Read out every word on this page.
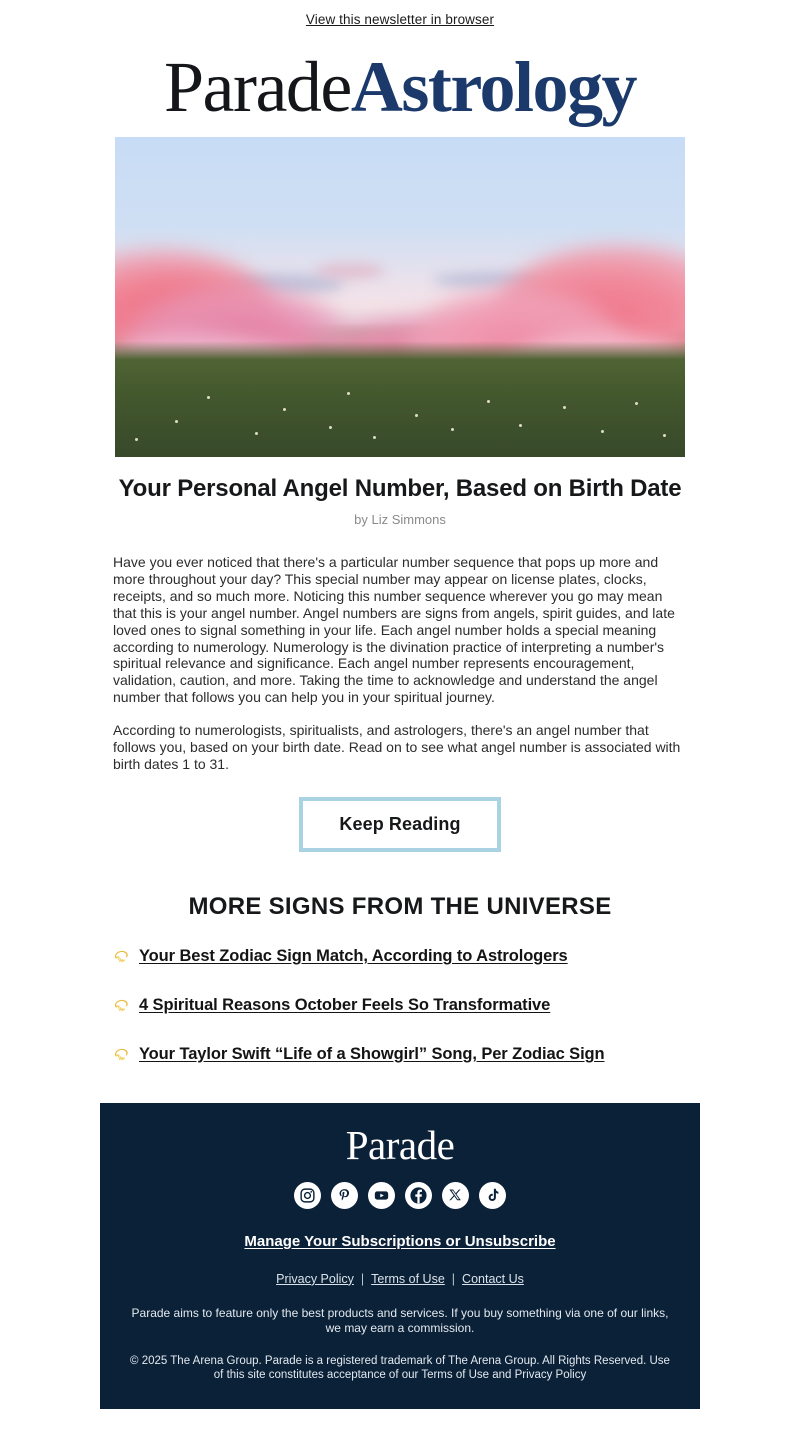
View this newsletter in browser
ParadeAstrology
Your Personal Angel Number, Based on Birth Date
by Liz Simmons

Have you ever noticed that there's a particular number sequence that pops up more and more throughout your day? This special number may appear on license plates, clocks, receipts, and so much more. Noticing this number sequence wherever you go may mean that this is your angel number. Angel numbers are signs from angels, spirit guides, and late loved ones to signal something in your life. Each angel number holds a special meaning according to numerology. Numerology is the divination practice of interpreting a number's spiritual relevance and significance. Each angel number represents encouragement, validation, caution, and more. Taking the time to acknowledge and understand the angel number that follows you can help you in your spiritual journey.

According to numerologists, spiritualists, and astrologers, there's an angel number that follows you, based on your birth date. Read on to see what angel number is associated with birth dates 1 to 31.

Keep Reading
MORE SIGNS FROM THE UNIVERSE
Your Best Zodiac Sign Match, According to Astrologers
4 Spiritual Reasons October Feels So Transformative
Your Taylor Swift “Life of a Showgirl” Song, Per Zodiac Sign
Parade
Manage Your Subscriptions or Unsubscribe
Privacy Policy | Terms of Use | Contact Us

Parade aims to feature only the best products and services. If you buy something via one of our links, we may earn a commission.

© 2025 The Arena Group. Parade is a registered trademark of The Arena Group. All Rights Reserved. Use of this site constitutes acceptance of our Terms of Use and Privacy Policy
